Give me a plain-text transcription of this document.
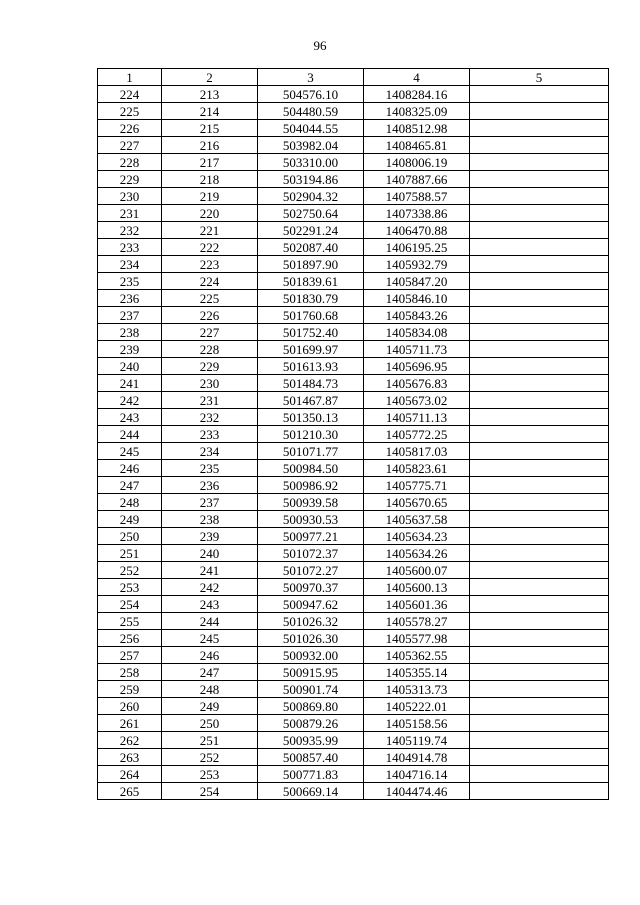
96
1	2	3	4	5
224	213	504576.10	1408284.16	
225	214	504480.59	1408325.09	
226	215	504044.55	1408512.98	
227	216	503982.04	1408465.81	
228	217	503310.00	1408006.19	
229	218	503194.86	1407887.66	
230	219	502904.32	1407588.57	
231	220	502750.64	1407338.86	
232	221	502291.24	1406470.88	
233	222	502087.40	1406195.25	
234	223	501897.90	1405932.79	
235	224	501839.61	1405847.20	
236	225	501830.79	1405846.10	
237	226	501760.68	1405843.26	
238	227	501752.40	1405834.08	
239	228	501699.97	1405711.73	
240	229	501613.93	1405696.95	
241	230	501484.73	1405676.83	
242	231	501467.87	1405673.02	
243	232	501350.13	1405711.13	
244	233	501210.30	1405772.25	
245	234	501071.77	1405817.03	
246	235	500984.50	1405823.61	
247	236	500986.92	1405775.71	
248	237	500939.58	1405670.65	
249	238	500930.53	1405637.58	
250	239	500977.21	1405634.23	
251	240	501072.37	1405634.26	
252	241	501072.27	1405600.07	
253	242	500970.37	1405600.13	
254	243	500947.62	1405601.36	
255	244	501026.32	1405578.27	
256	245	501026.30	1405577.98	
257	246	500932.00	1405362.55	
258	247	500915.95	1405355.14	
259	248	500901.74	1405313.73	
260	249	500869.80	1405222.01	
261	250	500879.26	1405158.56	
262	251	500935.99	1405119.74	
263	252	500857.40	1404914.78	
264	253	500771.83	1404716.14	
265	254	500669.14	1404474.46	
